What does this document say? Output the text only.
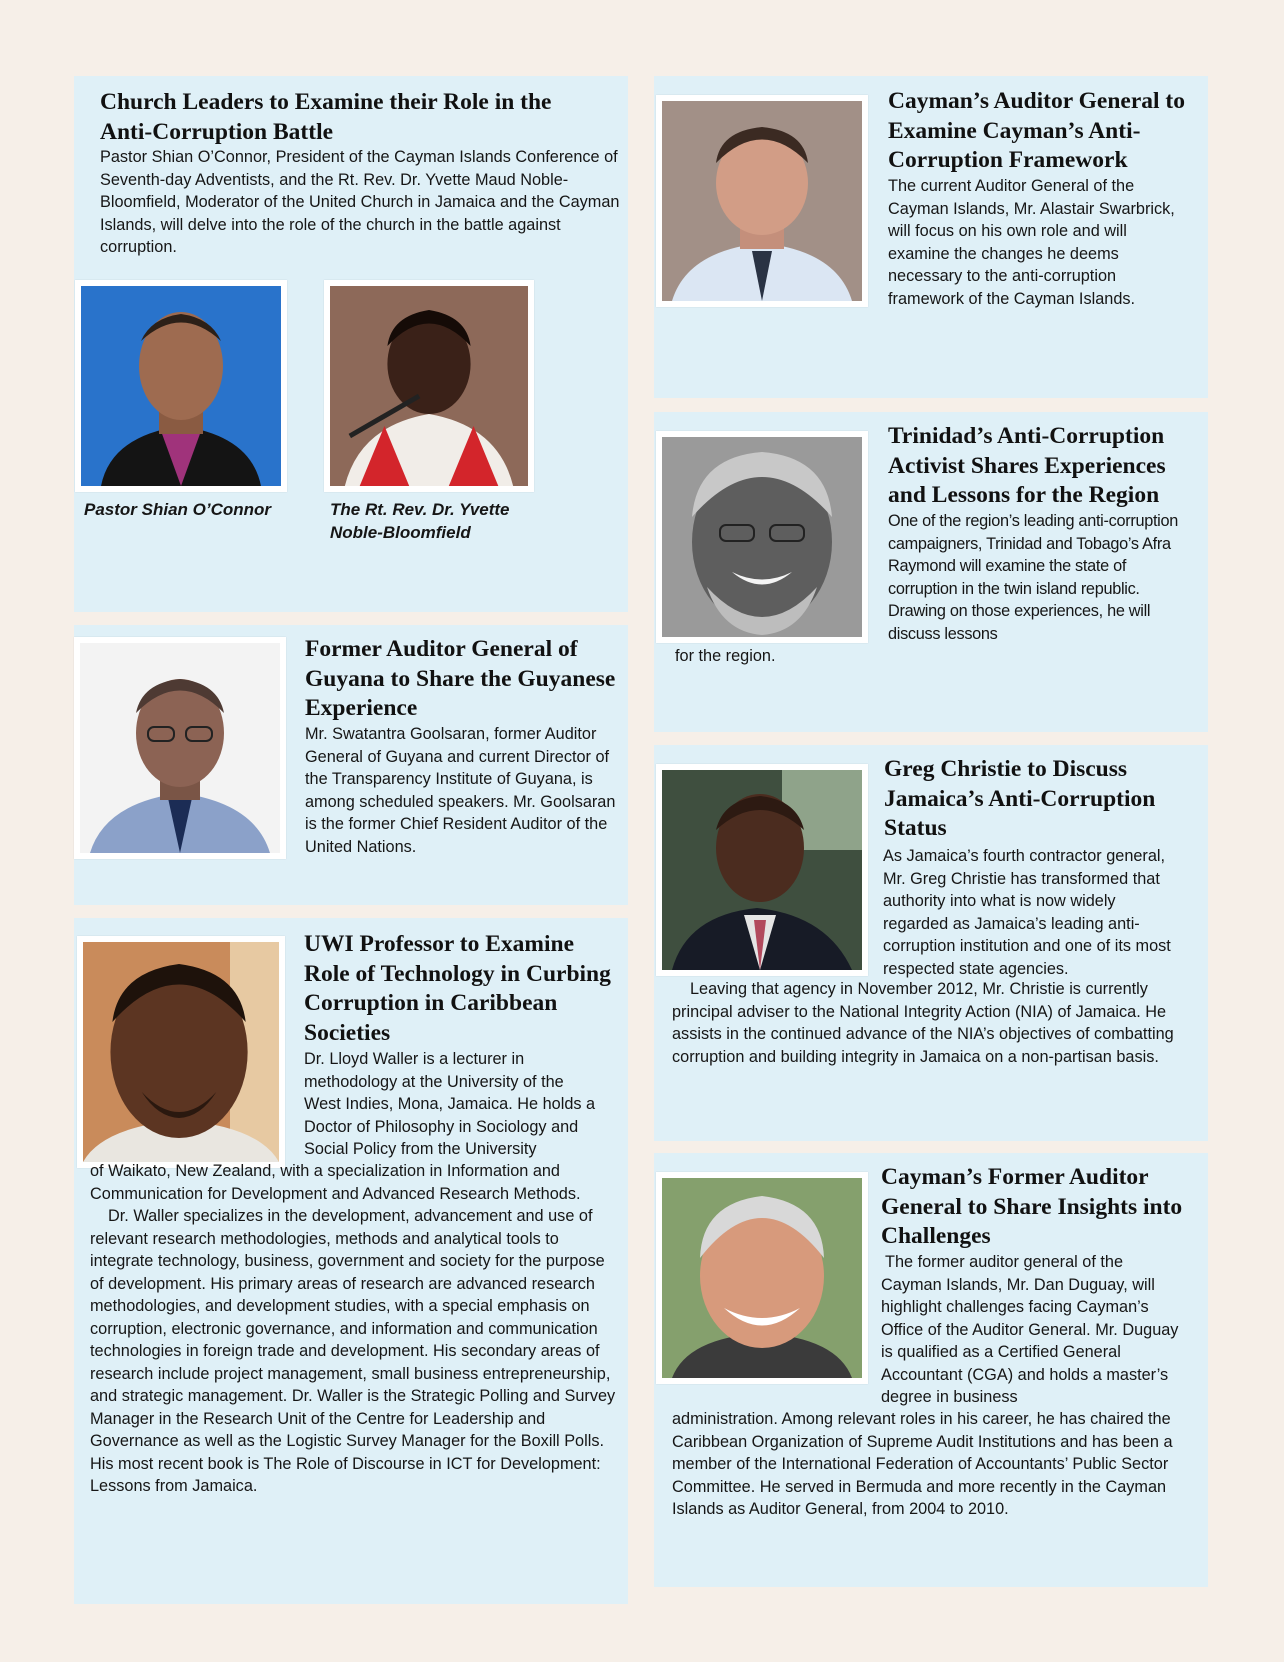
Church Leaders to Examine their Role in the Anti-Corruption Battle

Pastor Shian O’Connor, President of the Cayman Islands Conference of Seventh-day Adventists, and the Rt. Rev. Dr. Yvette Maud Noble-Bloomfield, Moderator of the United Church in Jamaica and the Cayman Islands, will delve into the role of the church in the battle against corruption.

Pastor Shian O’Connor	The Rt. Rev. Dr. Yvette Noble-Bloomfield

Former Auditor General of Guyana to Share the Guyanese Experience

Mr. Swatantra Goolsaran, former Auditor General of Guyana and current Director of the Transparency Institute of Guyana, is among scheduled speakers. Mr. Goolsaran is the former Chief Resident Auditor of the United Nations.

UWI Professor to Examine Role of Technology in Curbing Corruption in Caribbean Societies

Dr. Lloyd Waller is a lecturer in methodology at the University of the West Indies, Mona, Jamaica. He holds a Doctor of Philosophy in Sociology and Social Policy from the University

of Waikato, New Zealand, with a specialization in Information and Communication for Development and Advanced Research Methods.

Dr. Waller specializes in the development, advancement and use of relevant research methodologies, methods and analytical tools to integrate technology, business, government and society for the purpose of development. His primary areas of research are advanced research methodologies, and development studies, with a special emphasis on corruption, electronic governance, and information and communication technologies in foreign trade and development. His secondary areas of research include project management, small business entrepreneurship, and strategic management. Dr. Waller is the Strategic Polling and Survey Manager in the Research Unit of the Centre for Leadership and Governance as well as the Logistic Survey Manager for the Boxill Polls. His most recent book is The Role of Discourse in ICT for Development: Lessons from Jamaica.

Cayman’s Auditor General to Examine Cayman’s Anti-Corruption Framework

The current Auditor General of the Cayman Islands, Mr. Alastair Swarbrick, will focus on his own role and will examine the changes he deems necessary to the anti-corruption framework of the Cayman Islands.

Trinidad’s Anti-Corruption Activist Shares Experiences and Lessons for the Region

One of the region’s leading anti-corruption campaigners, Trinidad and Tobago’s Afra Raymond will examine the state of corruption in the twin island republic. Drawing on those experiences, he will discuss lessons

for the region.

Greg Christie to Discuss Jamaica’s Anti-Corruption Status

As Jamaica’s fourth contractor general, Mr. Greg Christie has transformed that authority into what is now widely regarded as Jamaica’s leading anti-corruption institution and one of its most respected state agencies.

Leaving that agency in November 2012, Mr. Christie is currently principal adviser to the National Integrity Action (NIA) of Jamaica. He assists in the continued advance of the NIA’s objectives of combatting corruption and building integrity in Jamaica on a non-partisan basis.

Cayman’s Former Auditor General to Share Insights into Challenges

The former auditor general of the Cayman Islands, Mr. Dan Duguay, will highlight challenges facing Cayman’s Office of the Auditor General. Mr. Duguay is qualified as a Certified General Accountant (CGA) and holds a master’s degree in business

administration. Among relevant roles in his career, he has chaired the Caribbean Organization of Supreme Audit Institutions and has been a member of the International Federation of Accountants’ Public Sector Committee. He served in Bermuda and more recently in the Cayman Islands as Auditor General, from 2004 to 2010.
